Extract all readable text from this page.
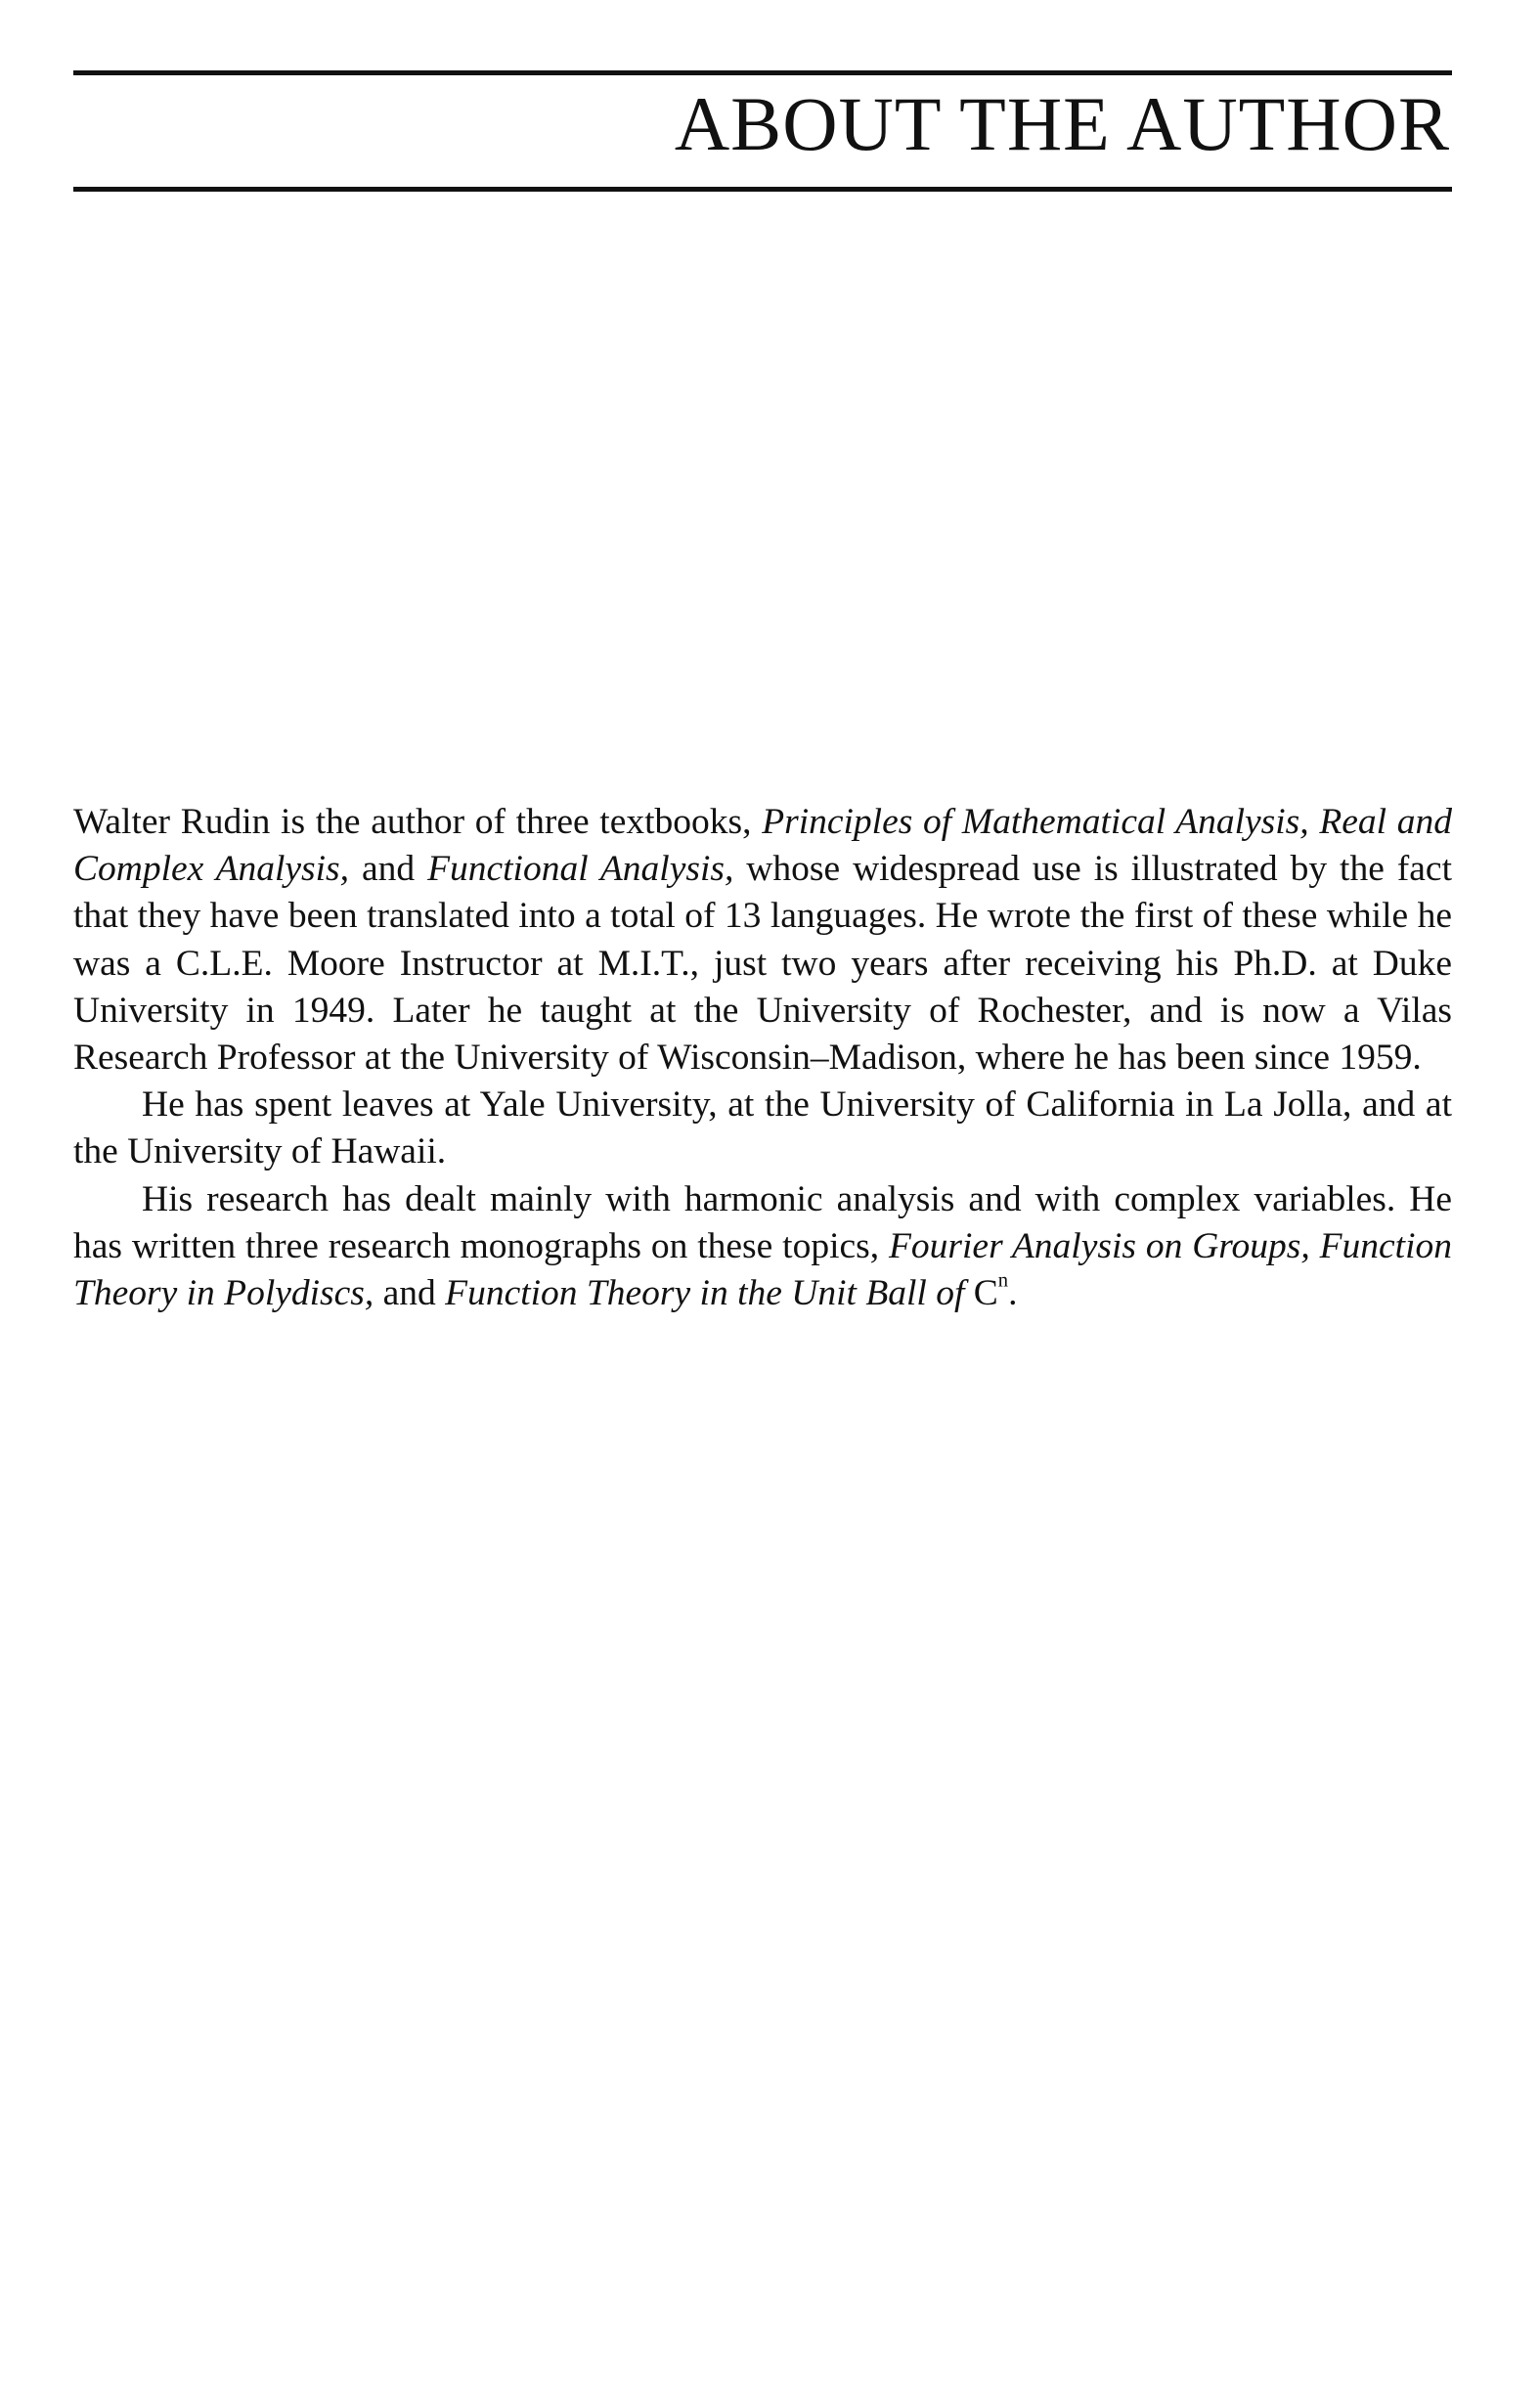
ABOUT THE AUTHOR

Walter Rudin is the author of three textbooks, Principles of Mathematical Analysis, Real and Complex Analysis, and Functional Analysis, whose widespread use is illustrated by the fact that they have been translated into a total of 13 languages. He wrote the first of these while he was a C.L.E. Moore Instructor at M.I.T., just two years after receiving his Ph.D. at Duke University in 1949. Later he taught at the University of Rochester, and is now a Vilas Research Professor at the University of Wisconsin–Madison, where he has been since 1959.

He has spent leaves at Yale University, at the University of California in La Jolla, and at the University of Hawaii.

His research has dealt mainly with harmonic analysis and with complex variables. He has written three research monographs on these topics, Fourier Analysis on Groups, Function Theory in Polydiscs, and Function Theory in the Unit Ball of $C^n$.
